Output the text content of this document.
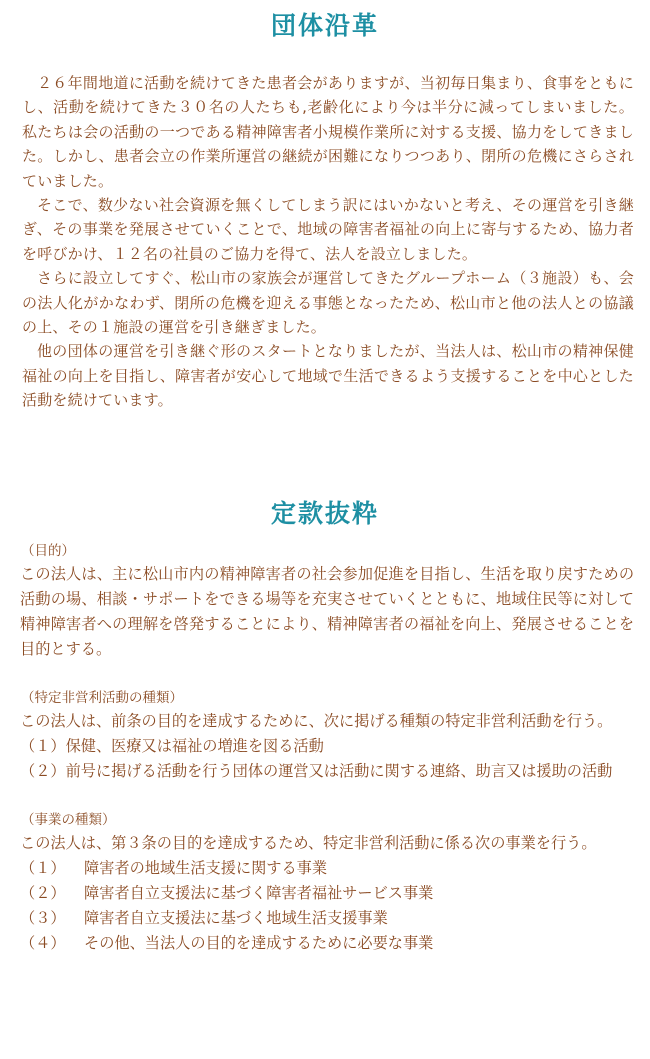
団体沿革

２６年間地道に活動を続けてきた患者会がありますが、当初毎日集まり、食事をともにし、活動を続けてきた３０名の人たちも,老齢化により今は半分に減ってしまいました。私たちは会の活動の一つである精神障害者小規模作業所に対する支援、協力をしてきました。しかし、患者会立の作業所運営の継続が困難になりつつあり、閉所の危機にさらされていました。

そこで、数少ない社会資源を無くしてしまう訳にはいかないと考え、その運営を引き継ぎ、その事業を発展させていくことで、地域の障害者福祉の向上に寄与するため、協力者を呼びかけ、１２名の社員のご協力を得て、法人を設立しました。

さらに設立してすぐ、松山市の家族会が運営してきたグループホーム（３施設）も、会の法人化がかなわず、閉所の危機を迎える事態となったため、松山市と他の法人との協議の上、その１施設の運営を引き継ぎました。

他の団体の運営を引き継ぐ形のスタートとなりましたが、当法人は、松山市の精神保健福祉の向上を目指し、障害者が安心して地域で生活できるよう支援することを中心とした活動を続けています。

定款抜粋
（目的）

この法人は、主に松山市内の精神障害者の社会参加促進を目指し、生活を取り戻すための活動の場、相談・サポートをできる場等を充実させていくとともに、地域住民等に対して精神障害者への理解を啓発することにより、精神障害者の福祉を向上、発展させることを目的とする。

（特定非営利活動の種類）

この法人は、前条の目的を達成するために、次に掲げる種類の特定非営利活動を行う。

（１） 保健、医療又は福祉の増進を図る活動
（２） 前号に掲げる活動を行う団体の運営又は活動に関する連絡、助言又は援助の活動
（事業の種類）

この法人は、第３条の目的を達成するため、特定非営利活動に係る次の事業を行う。

（１）	障害者の地域生活支援に関する事業
（２）	障害者自立支援法に基づく障害者福祉サービス事業
（３）	障害者自立支援法に基づく地域生活支援事業
（４）	その他、当法人の目的を達成するために必要な事業
